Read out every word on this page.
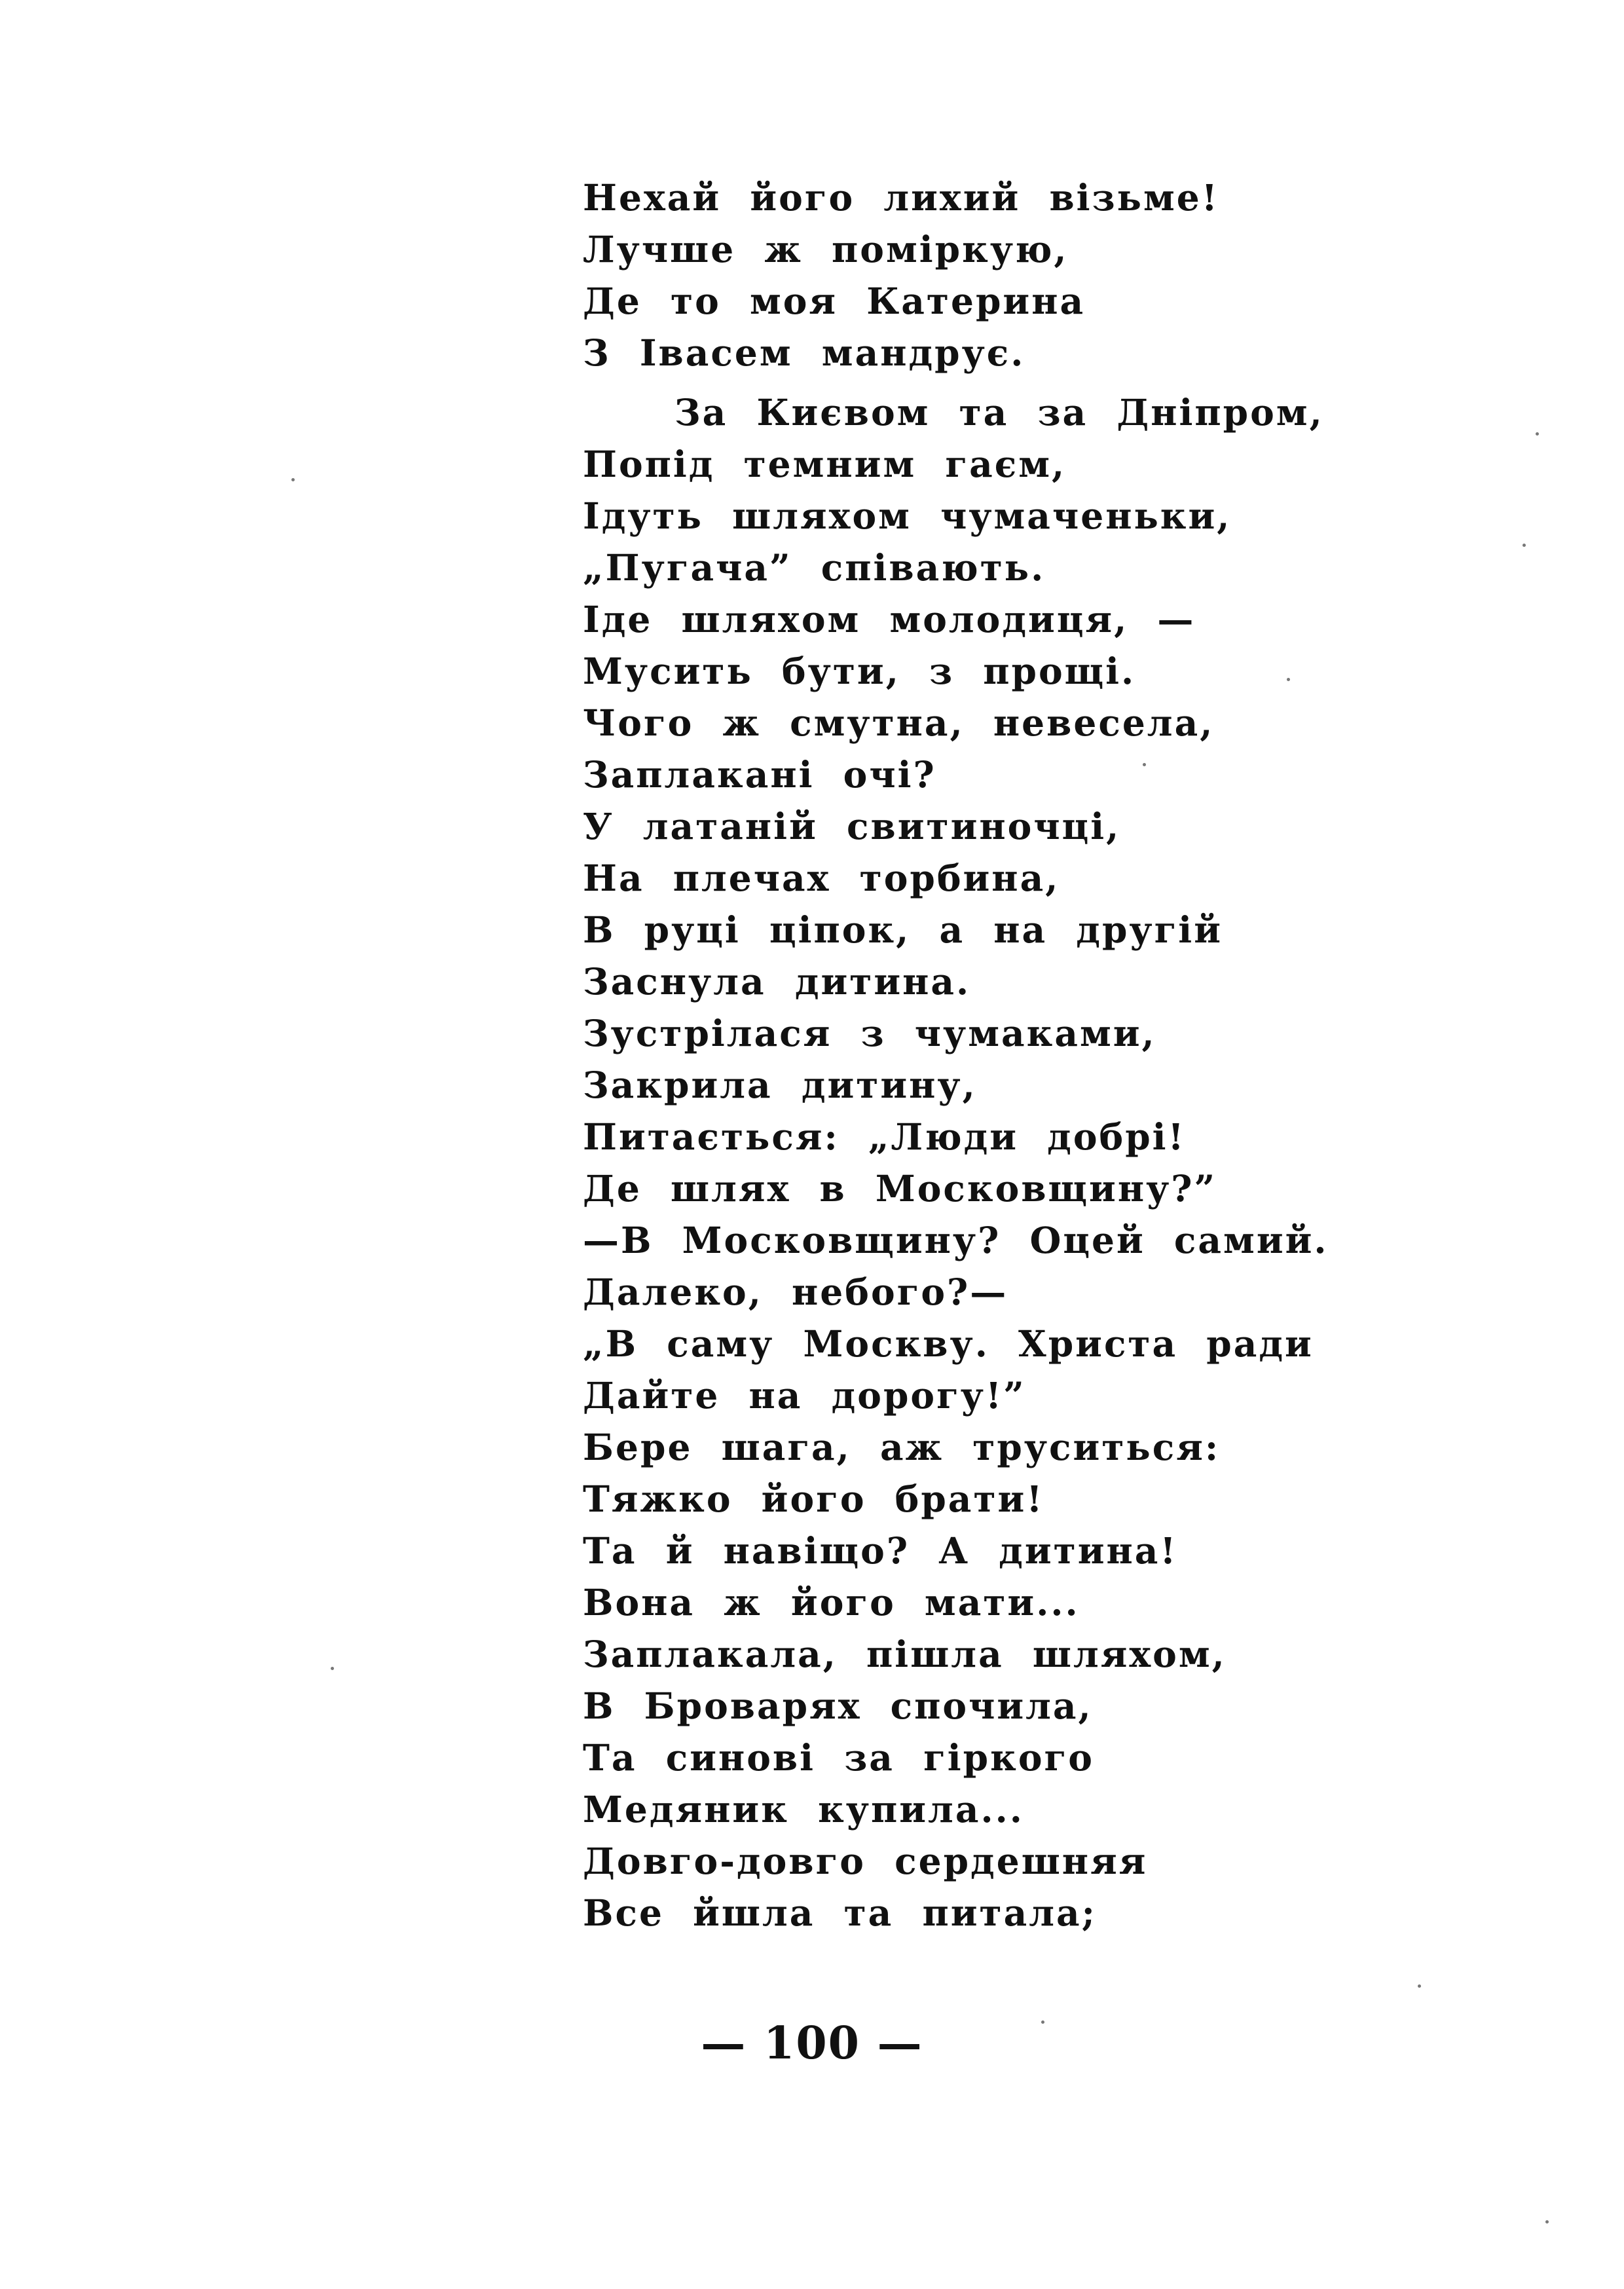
Нехай його лихий візьме!
Лучше ж поміркую,
Де то моя Катерина
З Івасем мандрує.
За Києвом та за Дніпром,
Попід темним гаєм,
Ідуть шляхом чумаченьки,
„Пугача” співають.
Іде шляхом молодиця, —
Мусить бути, з прощі.
Чого ж смутна, невесела,
Заплакані очі?
У латаній свитиночці,
На плечах торбина,
В руці ціпок, а на другій
Заснула дитина.
Зустрілася з чумаками,
Закрила дитину,
Питається: „Люди добрі!
Де шлях в Московщину?”
—В Московщину? Оцей самий.
Далеко, небого?—
„В саму Москву. Христа ради
Дайте на дорогу!”
Бере шага, аж труситься:
Тяжко його брати!
Та й навіщо? А дитина!
Вона ж його мати...
Заплакала, пішла шляхом,
В Броварях спочила,
Та синові за гіркого
Медяник купила...
Довго-довго сердешняя
Все йшла та питала;
— 100 —
